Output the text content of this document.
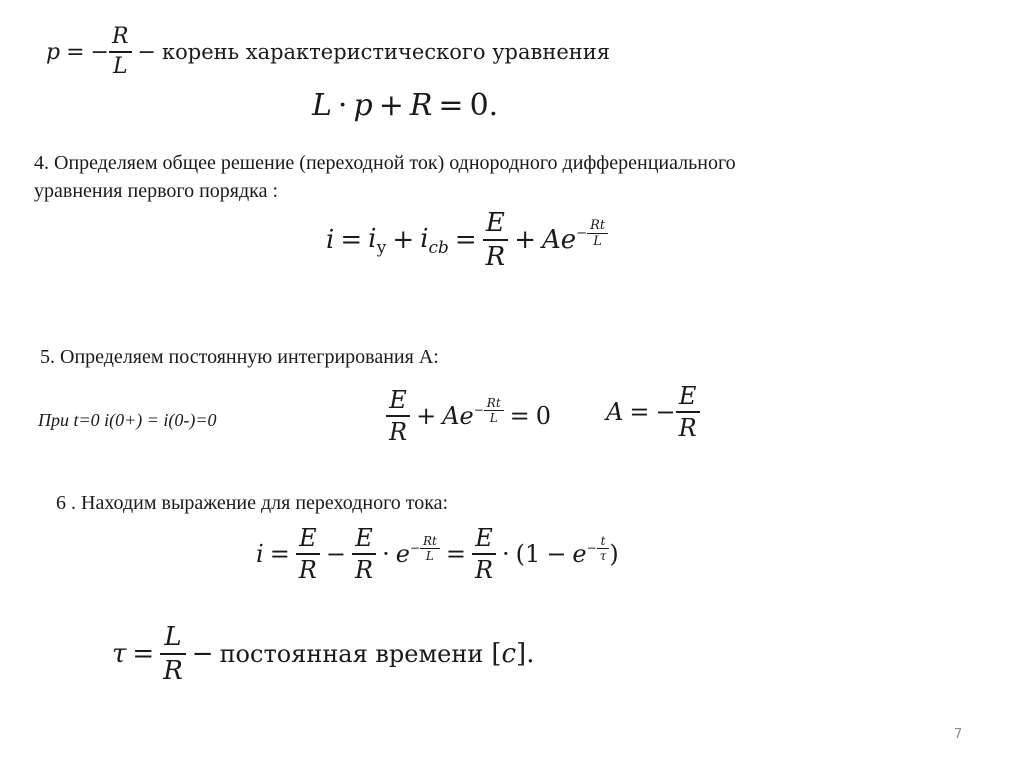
p = − $\frac{R}{L}$ − корень характеристического уравнения
L · p + R = 0 .
4. Определяем общее решение (переходной ток) однородного дифференциального
уравнения первого порядка :
$i = i_у + i_{cb} = \frac{E}{R} + A$ $e - \frac{Rt}{L}$
5. Определяем постоянную интегрирования А:
При t=0 i(0+) = i(0-)=0	$\frac{E}{R} + A$ $e - \frac{Rt}{L} = 0$ A = − $\frac{E}{R}$
6 . Находим выражение для переходного тока:
$i = \frac{E}{R} - \frac{E}{R} \cdot e - \frac{Rt}{L} = \frac{E}{R}$ · ( $1 - e - \frac{t}{\tau}$ )
$\tau = \frac{L}{R}$ − постоянная времени [ c ].
7
